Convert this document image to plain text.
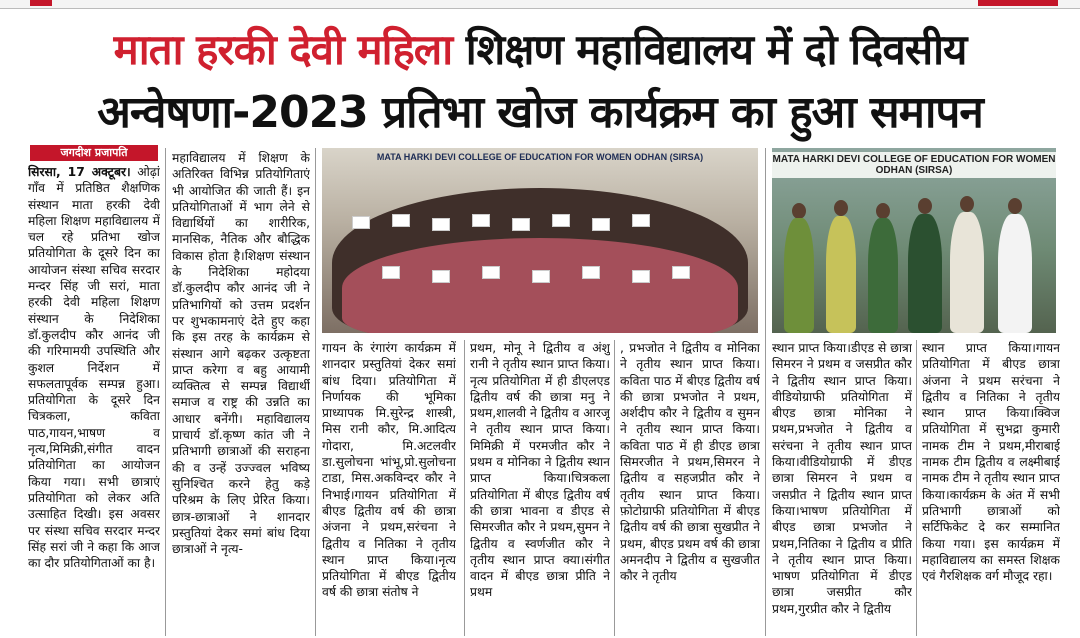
माता हरकी देवी महिला शिक्षण महाविद्यालय में दो दिवसीय
अन्वेषणा-2023 प्रतिभा खोज कार्यक्रम का हुआ समापन
जगदीश प्रजापति

सिरसा, 17 अक्टूबर। ओढ़ां गाँव में प्रतिष्ठित शैक्षणिक संस्थान माता हरकी देवी महिला शिक्षण महाविद्यालय में चल रहे प्रतिभा खोज प्रतियोगिता के दूसरे दिन का आयोजन संस्था सचिव सरदार मन्दर सिंह जी सरां, माता हरकी देवी महिला शिक्षण संस्थान के निदेशिका डॉ.कुलदीप कौर आनंद जी की गरिमामयी उपस्थिति और कुशल निर्देशन में सफलतापूर्वक सम्पन्न हुआ। प्रतियोगिता के दूसरे दिन चित्रकला, कविता पाठ,गायन,भाषण व नृत्य,मिमिक्री,संगीत वादन प्रतियोगिता का आयोजन किया गया। सभी छात्राएं प्रतियोगिता को लेकर अति उत्साहित दिखी। इस अवसर पर संस्था सचिव सरदार मन्दर सिंह सरां जी ने कहा कि आज का दौर प्रतियोगिताओं का है।

महाविद्यालय में शिक्षण के अतिरिक्त विभिन्न प्रतियोगिताएं भी आयोजित की जाती हैं। इन प्रतियोगिताओं में भाग लेने से विद्यार्थियों का शारीरिक, मानसिक, नैतिक और बौद्धिक विकास होता है।शिक्षण संस्थान के निदेशिका महोदया डॉ.कुलदीप कौर आनंद जी ने प्रतिभागियों को उत्तम प्रदर्शन पर शुभकामनाएं देते हुए कहा कि इस तरह के कार्यक्रम से संस्थान आगे बढ़कर उत्कृष्टता प्राप्त करेगा व बहु आयामी व्यक्तित्व से सम्पन्न विद्यार्थी समाज व राष्ट्र की उन्नति का आधार बनेंगी। महाविद्यालय प्राचार्य डॉ.कृष्ण कांत जी ने प्रतिभागी छात्राओं की सराहना की व उन्हें उज्ज्वल भविष्य सुनिश्चित करने हेतु कड़े परिश्रम के लिए प्रेरित किया। छात्र-छात्राओं ने शानदार प्रस्तुतियां देकर समां बांध दिया छात्राओं ने नृत्य-

MATA HARKI DEVI COLLEGE OF EDUCATION FOR WOMEN ODHAN (SIRSA)	MATA HARKI DEVI COLLEGE OF EDUCATION FOR WOMEN ODHAN (SIRSA)

गायन के रंगारंग कार्यक्रम में शानदार प्रस्तुतियां देकर समां बांध दिया। प्रतियोगिता में निर्णायक की भूमिका प्राध्यापक मि.सुरेन्द्र शास्त्री, मिस रानी कौर, मि.आदित्य गोदारा, मि.अटलवीर डा.सुलोचना भांभू,प्रो.सुलोचना टाडा, मिस.अकविन्दर कौर ने निभाई।गायन प्रतियोगिता में बीएड द्वितीय वर्ष की छात्रा अंजना ने प्रथम,सरंचना ने द्वितीय व नितिका ने तृतीय स्थान प्राप्त किया।नृत्य प्रतियोगिता में बीएड द्वितीय वर्ष की छात्रा संतोष ने

प्रथम, मोनू ने द्वितीय व अंशु रानी ने तृतीय स्थान प्राप्त किया। नृत्य प्रतियोगिता में ही डीएलएड द्वितीय वर्ष की छात्रा मनु ने प्रथम,शालवी ने द्वितीय व आरजू ने तृतीय स्थान प्राप्त किया। मिमिक्री में परमजीत कौर ने प्रथम व मोनिका ने द्वितीय स्थान प्राप्त किया।चित्रकला प्रतियोगिता में बीएड द्वितीय वर्ष की छात्रा भावना व डीएड से सिमरजीत कौर ने प्रथम,सुमन ने द्वितीय व स्वर्णजीत कौर ने तृतीय स्थान प्राप्त क्या।संगीत वादन में बीएड छात्रा प्रीति ने प्रथम

, प्रभजोत ने द्वितीय व मोनिका ने तृतीय स्थान प्राप्त किया।कविता पाठ में बीएड द्वितीय वर्ष की छात्रा प्रभजोत ने प्रथम, अर्शदीप कौर ने द्वितीय व सुमन ने तृतीय स्थान प्राप्त किया। कविता पाठ में ही डीएड छात्रा सिमरजीत ने प्रथम,सिमरन ने द्वितीय व सहजप्रीत कौर ने तृतीय स्थान प्राप्त किया।फ़ोटोग्राफी प्रतियोगिता में बीएड द्वितीय वर्ष की छात्रा सुखप्रीत ने प्रथम, बीएड प्रथम वर्ष की छात्रा अमनदीप ने द्वितीय व सुखजीत कौर ने तृतीय

स्थान प्राप्त किया।डीएड से छात्रा सिमरन ने प्रथम व जसप्रीत कौर ने द्वितीय स्थान प्राप्त किया। वीडियोग्राफी प्रतियोगिता में बीएड छात्रा मोनिका ने प्रथम,प्रभजोत ने द्वितीय व सरंचना ने तृतीय स्थान प्राप्त किया।वीडियोग्राफी में डीएड छात्रा सिमरन ने प्रथम व जसप्रीत ने द्वितीय स्थान प्राप्त किया।भाषण प्रतियोगिता में बीएड छात्रा प्रभजोत ने प्रथम,नितिका ने द्वितीय व प्रीति ने तृतीय स्थान प्राप्त किया।भाषण प्रतियोगिता में डीएड छात्रा जसप्रीत कौर प्रथम,गुरप्रीत कौर ने द्वितीय

स्थान प्राप्त किया।गायन प्रतियोगिता में बीएड छात्रा अंजना ने प्रथम सरंचना ने द्वितीय व नितिका ने तृतीय स्थान प्राप्त किया।क्विज प्रतियोगिता में सुभद्रा कुमारी नामक टीम ने प्रथम,मीराबाई नामक टीम द्वितीय व लक्ष्मीबाई नामक टीम ने तृतीय स्थान प्राप्त किया।कार्यक्रम के अंत में सभी प्रतिभागी छात्राओं को सर्टिफिकेट दे कर सम्मानित किया गया। इस कार्यक्रम में महाविद्यालय का समस्त शिक्षक एवं गैरशिक्षक वर्ग मौजूद रहा।
